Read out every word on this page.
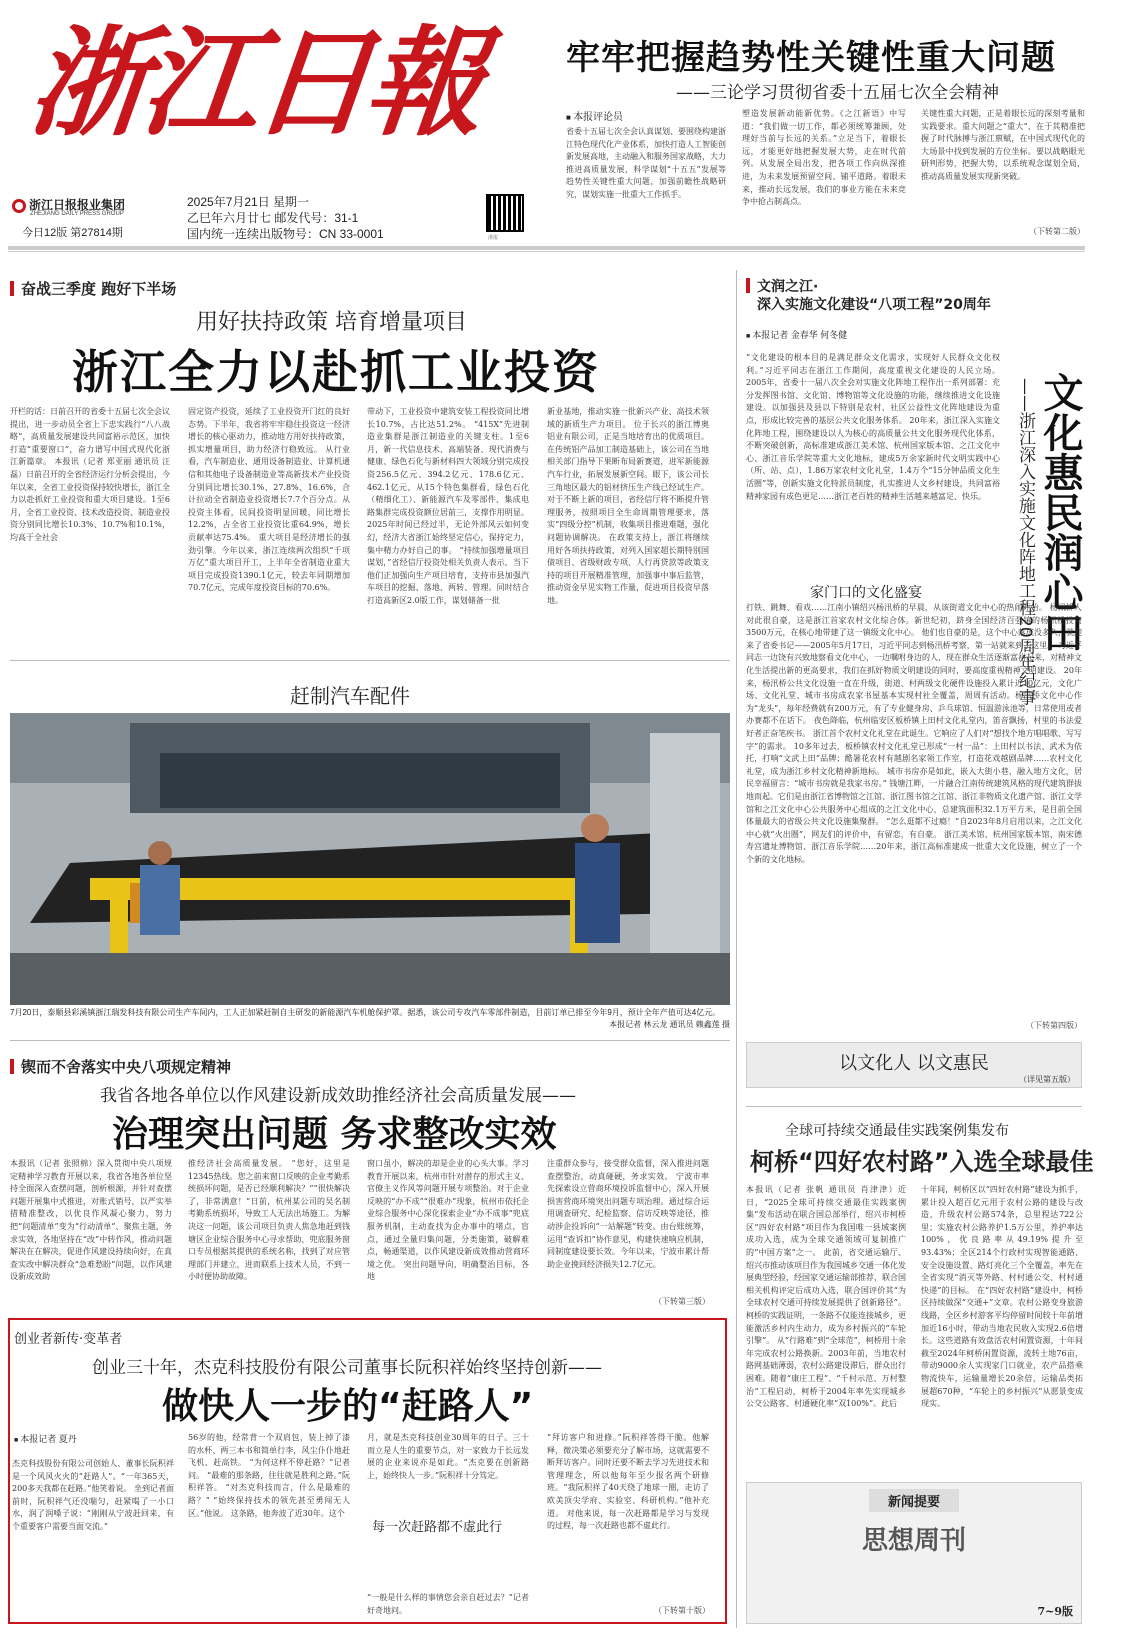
浙江日報
浙江日报报业集团
ZHEJIANG DAILY PRESS GROUP
今日12版 第27814期
2025年7月21日 星期一
乙巳年六月廿七 邮发代号：31-1
国内统一连续出版物号：CN 33-0001	浙报
牢牢把握趋势性关键性重大问题
——三论学习贯彻省委十五届七次全会精神
■ 本报评论员
省委十五届七次全会认真谋划、要围绕构建浙江特色现代化产业体系，加快打造人工智能创新发展高地，主动融入和服务国家战略，大力推进高质量发展，科学谋划“十五五”发展等趋势性关键性重大问题，加强前瞻性战略研究，谋划实施一批重大工作抓手。
塑造发展新动能新优势。《之江新语》中写道：“我们做一切工作，都必须统筹兼顾，处理好当前与长远的关系。”立足当下，着眼长远，才能更好地把握发展大势，走在时代前列。从发展全局出发，把各项工作向纵深推进，为未来发展预留空间、铺平道路。着眼未来，推动长远发展，我们的事业方能在未来竞争中抢占制高点。
关键性重大问题，正是着眼长远的深刻考量和实践要求。重大问题之“重大”，在于其精准把握了时代脉搏与浙江禀赋，在中国式现代化的大场景中找到发展的方位坐标。要以战略眼光研判形势，把握大势，以系统观念谋划全局，推动高质量发展实现新突破。
（下转第二版）
奋战三季度 跑好下半场
用好扶持政策 培育增量项目
浙江全力以赴抓工业投资
开栏的话：日前召开的省委十五届七次全会议提出，进一步动员全省上下忠实践行“八八战略”，高质量发展建设共同富裕示范区，加快打造“重要窗口”，奋力谱写中国式现代化浙江新篇章。 本报讯（记者 郑亚丽 通讯员 汪磊）日前召开的全省经济运行分析会提出，今年以来，全省工业投资保持较快增长，浙江全力以赴抓好工业投资和重大项目建设。1至6月，全省工业投资、技术改造投资、制造业投资分别同比增长10.3%、10.7%和10.1%，均高于全社会
固定资产投资，延续了工业投资开门红的良好态势。下半年，我省将牢牢稳住投资这一经济增长的核心驱动力，推动地方用好扶持政策，抓实增量项目，助力经济行稳致远。 从行业看，汽车制造业、通用设备制造业、计算机通信和其他电子设备制造业等高新技术产业投资分别同比增长30.1%、27.8%、16.6%，合计拉动全省制造业投资增长7.7个百分点。从投资主体看，民间投资明显回暖，同比增长12.2%，占全省工业投资比重64.9%，增长贡献率达75.4%。 重大项目是经济增长的强劲引擎。今年以来，浙江连续两次组织“千项万亿”重大项目开工，上半年全省制造业重大项目完成投资1390.1亿元，较去年同期增加70.7亿元，完成年度投资目标的70.6%。
带动下，工业投资中建筑安装工程投资同比增长10.7%，占比达51.2%。 “415X”先进制造业集群是浙江制造业的关键支柱。1至6月，新一代信息技术、高端装备、现代消费与健康、绿色石化与新材料四大领域分别完成投资256.5亿元、394.2亿元、178.6亿元、462.1亿元，从15个特色集群看，绿色石化（精细化工）、新能源汽车及零部件、集成电路集群完成投资额位居前三，支撑作用明显。 2025年时间已经过半，无论外部风云如何变幻，经济大省浙江始终坚定信心，保持定力，集中精力办好自己的事。 “持续加强增量项目谋划，”省经信厅投资处相关负责人表示，当下他们正加强向生产项目培育，支持市县加强汽车项目的挖掘、落地、两转、管理。同时结合打造高新区2.0版工作，谋划储备一批
新业基地，推动实施一批新兴产业、高技术领域的新质生产力项目。 位于长兴的浙江博奥铝业有限公司，正是当地培育出的优质项目。在传统铝产品加工制造基础上，该公司在当地相关部门指导下果断布局新赛道，进军新能源汽车行业，拓展发展新空间。眼下，该公司长三角地区最大的铝材挤压生产线已经试生产。 对于不断上新的项目，省经信厅将不断提升管理服务，按照项目全生命周期管理要求，落实“四级分控”机制，收集项目推进难题，强化问题协调解决。 在政策支持上，浙江将继续用好各项扶持政策，对列入国家超长期特别国债项目、省级财政专项、人行再贷款等政策支持的项目开展精准管理，加强事中事后监管，推动资金早见实物工作量，促进项目投资早落地。
赶制汽车配件
7月20日，泰顺县彩溪镇浙江瑞发科技有限公司生产车间内，工人正加紧赶制自主研发的新能源汽车机舱保护罩。据悉，该公司专攻汽车零部件制造，目前订单已排至今年9月，预计全年产值可达4亿元。
本报记者 林云龙 通讯员 赖鑫莲 摄
锲而不舍落实中央八项规定精神
我省各地各单位以作风建设新成效助推经济社会高质量发展——
治理突出问题 务求整改实效
本报讯（记者 张照棉）深入贯彻中央八项规定精神学习教育开展以来，我省各地各单位坚持全面深入查摆问题，剖析根源，并针对查摆问题开展集中式推进，对账式销号，以严实举措精准整改，以优良作风凝心聚力，努力把“问题清单”变为“行动清单”、聚焦主题，务求实效，各地坚持在“改”中转作风，推动问题解决在在解决，促进作风建设持续向好，在真查实改中解决群众“急难愁盼”问题，以作风建设新成效助
推经济社会高质量发展。 “您好，这里是12345热线。您之前来窗口反映的企业考勤系统损坏问题，是否已经顺利解决？”“很快解决了，非常满意！”日前，杭州某公司的吴名制考勤系统损坏，导致工人无法出场施工。为解决这一问题，该公司项目负责人焦急地赶到钱塘区企业综合服务中心寻求帮助，兜底服务窗口专员根据其提供的系统名称，找到了对应管理部门并建立，进而联系上技术人员，不到一小时便协助故障。
窗口虽小，解决的却是企业的心头大事。学习教育开展以来，杭州市针对潜存的形式主义、官僚主义作风等问题开展专项整治。对于企业反映的“办不成”“很难办”现象，杭州市依托企业综合服务中心深化探索企业“办不成事”兜底服务机制，主动查找为企办事中的堵点，盲点，通过全量归集问题，分类施策，破解难点，畅通渠道，以作风建设新成效推动营商环境之优。 突出问题导向，明确整治目标，各地
注重群众参与，接受群众监督，深入推进问题查摆整治，动真碰硬，务求实效。 宁波市率先探索设立营商环境投诉监督中心，深入开展损害营商环境突出问题专项治理。通过综合运用调查研究、纪检监察、信访反映等途径，推动涉企投诉向“一站解题”转变。由台账统筹，运用“查诉扣”协作意见，构建快速响应机制，同制度建设要长效。今年以来，宁波市累计帮助企业挽回经济损失12.7亿元。
（下转第三版）
创业者新传·变革者
创业三十年，杰克科技股份有限公司董事长阮积祥始终坚持创新——
做快人一步的“赶路人”
■ 本报记者 夏丹
杰克科技股份有限公司创始人、董事长阮积祥是一个风风火火的“赶路人”。“一年365天，200多天我都在赶路。”他笑着说。 坐到记者面前时，阮积祥气还没喘匀，赶紧喝了一小口水，润了润嗓子说：“刚刚从宁波赶回来，有个重要客户需要当面交流。”
56岁的他，经常背一个双肩包，装上掉了漆的水杯、两三本书和简单行李，风尘仆仆地赶飞机、赶高铁。 “为何这样不停赶路？”记者问。 “最难的那条路，往往就是胜利之路。”阮积祥答。 “对杰克科技而言，什么是最难的路？” “始终保持技术的领先甚至勇闯无人区。”他说。 这条路，他奔波了近30年。这个
月，就是杰克科技创业30周年的日子。三十而立是人生的重要节点，对一家致力于长远发展的企业来说亦是如此。“杰克要在创新路上，始终快人一步。”阮积祥十分笃定。
每一次赶路都不虚此行
“一般是什么样的事情您会亲自赶过去？”记者好奇地问。
“拜访客户和进修。”阮积祥答得干脆。他解释，微决策必须要充分了解市场，这就需要不断拜访客户。同时还要不断去学习先进技术和管理理念，所以他每年至少报名两个研修班。“我阮积祥了40天绕了地球一圈，走访了欧美顶尖学府、实验室、科研机构。”他补充道。 对他来说，每一次赶路都是学习与发现的过程，每一次赶路也都不虚此行。
（下转第十版）
文润之江·
深入实施文化建设“八项工程”20周年
■ 本报记者 金春华 何冬健
文化惠民润心田
——浙江深入实施文化阵地工程20周年纪事
“文化建设的根本目的是满足群众文化需求，实现好人民群众文化权利。”习近平同志在浙江工作期间，高度重视文化建设的人民立场。 2005年，省委十一届八次全会对实施文化阵地工程作出一系列部署：充分发挥图书馆、文化馆、博物馆等文化设施的功能，继续推进文化设施建设。以加强县及县以下特别是农村、社区公益性文化阵地建设为重点，形成比较完善的基层公共文化服务体系。 20年来，浙江深入实施文化阵地工程，围绕建设以人为核心的高质量公共文化服务现代化体系，不断突破创新，高标准建成浙江美术馆、杭州国家版本馆、之江文化中心、浙江音乐学院等重大文化地标，建成5万余家新时代文明实践中心（所、站、点），1.86万家农村文化礼堂，1.4万个“15分钟品质文化生活圈”等，创新实施文化特派员制度，扎实推进人文乡村建设，共同富裕精神家园有成色更足……浙江老百姓的精神生活越来越富足、快乐。
家门口的文化盛宴
打铁、跳舞、看戏……江南小镇绍兴杨汛桥的早晨，从该街道文化中心的热闹开始。 杨汛桥人对此很自豪，这是浙江首家农村文化综合体。新世纪初，跻身全国经济百强镇的杨汛桥投资3500万元，在核心地带建了这一镇级文化中心。 他们也自豪的是，这个中心落成没多久，就迎来了省委书记——2005年5月17日，习近平同志到杨汛桥考察，第一站就来到了这里。 习近平同志一边饶有兴致地察看文化中心，一边嘱咐身边的人，现在群众生活逐渐富裕起来，对精神文化生活提出新的更高要求，我们在抓好物质文明建设的同时，要高度重视精神文明建设。 20年来，杨汛桥公共文化设施一直在升级，街道、村两级文化硬件设施投入累计近10亿元，文化广场、文化礼堂、城市书房成农家书屋基本实现村社全覆盖，周周有活动。杨汛桥文化中心作为“龙头”，每年经费就有200万元，有了专业健身房、乒乓球馆、恒温游泳池等，日常使用或者办赛都不在话下。 夜色降临，杭州临安区板桥镇上田村文化礼堂内，笛音飘扬，村里的书法爱好者正奋笔疾书。 浙江首个农村文化礼堂在此诞生。它响应了人们对“想找个地方唱唱歌、写写字”的需求。 10多年过去，板桥镇农村文化礼堂已形成“一村一品”：上田村以书法、武术为依托，打响“文武上田”品牌；酷暑花农村有越剧名家领工作室，打造花戏越剧品牌……农村文化礼堂，成为浙江乡村文化精神新地标。 城市书房亦是如此，嵌入大街小巷，融入地方文化，居民幸福留言：“城市书房就是我家书房。” 钱塘江畔，一片融合江南传统建筑风格的现代建筑群拔地而起。它们是由浙江省博物馆之江馆、浙江图书馆之江馆、浙江非物质文化遗产馆、浙江文学馆和之江文化中心公共服务中心组成的之江文化中心，总建筑面积32.1万平方米，是目前全国体量最大的省级公共文化设施集聚群。 “怎么逛都不过瘾！”自2023年8月启用以来，之江文化中心就“火出圈”，网友们的评价中，有留恋，有自豪。 浙江美术馆、杭州国家版本馆、南宋德寿宫遗址博物馆、浙江音乐学院……20年来，浙江高标准建成一批重大文化设施，树立了一个个新的文化地标。
（下转第四版）
以文化人 以文惠民
（详见第五版）
全球可持续交通最佳实践案例集发布
柯桥“四好农村路”入选全球最佳
本报讯（记者 张帆 通讯员 肖津津）近日，“2025全球可持续交通最佳实践案例集”发布活动在联合国总部举行，绍兴市柯桥区“四好农村路”项目作为我国唯一县域案例成功入选，成为全球交通领域可复制推广的“中国方案”之一。 此前，省交通运输厅、绍兴市推动该项目作为我国城乡交通一体化发展典型经验，经国家交通运输部推荐，联合国相关机构评定后成功入选，联合国评价其“为全球农村交通可持续发展提供了创新路径”。柯桥的实践证明，一条路不仅能连接城乡，更能激活乡村内生动力，成为乡村振兴的“车轮引擎”。 从“行路难”到“全球范”，柯桥用十余年完成农村公路换新。2003年前，当地农村路网基础薄弱，农村公路建设滞后，群众出行困难。随着“康庄工程”、“千村示范、万村整治”工程启动，柯桥于2004年率先实现城乡公交公路客、村通硬化率“双100%”。此后
十年间，柯桥区以“四好农村路”建设为抓手，累计投入超百亿元用于农村公路的建设与改造，升级农村公路574条，总里程达722公里；实施农村公路养护1.5万公里，养护率达100%，优良路率从49.19%提升至93.43%；全区214个行政村实现智能通路、安全设施设置、路灯亮化三个全覆盖，率先在全省实现“消灭等外路、村村通公交、村村通快递”的目标。 在“四好农村路”建设中，柯桥区持续做深“交通+”文章。农村公路变身旅游线路，全区乡村游客平均停留时间较十年前增加近16小时，带动当地农民收入实现2.6倍增长。这些道路有效盘活农村闲置资源，十年间截至2024年柯桥闲置资源，流转土地76亩，带动9000余人实现家门口就业，农产品搭乘物流快车，运输量增长20余倍，运输品类拓展超670种，“车轮上的乡村振兴”从愿景变成现实。
新闻提要
思想周刊
7~9版
